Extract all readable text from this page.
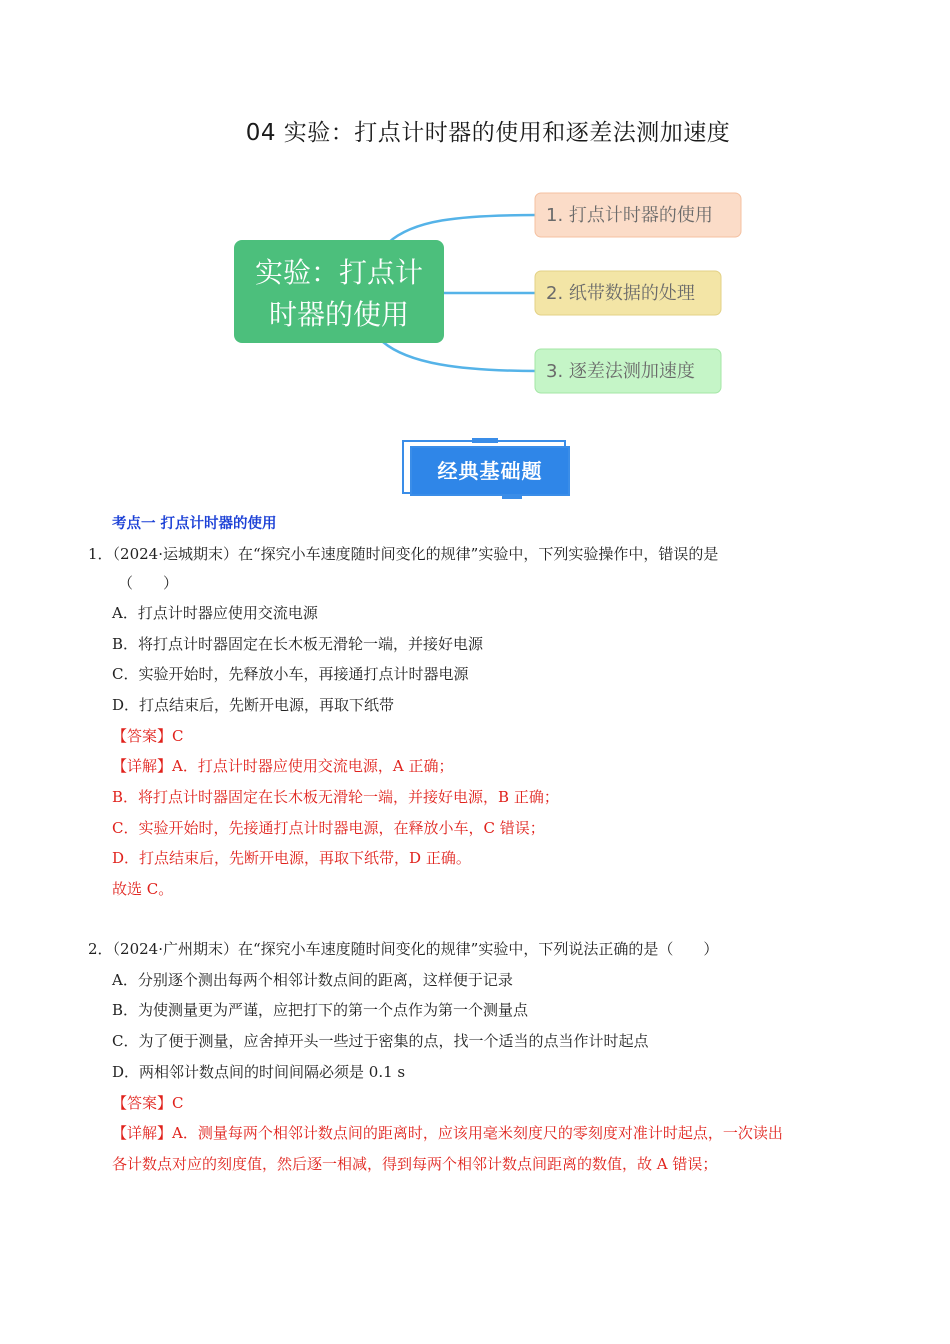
04 实验：打点计时器的使用和逐差法测加速度
实验：打点计
时器的使用
1. 打点计时器的使用
2. 纸带数据的处理
3. 逐差法测加速度
经典基础题
考点一 打点计时器的使用
1．（2024·运城期末）在“探究小车速度随时间变化的规律”实验中，下列实验操作中，错误的是
（　　）
A．打点计时器应使用交流电源
B．将打点计时器固定在长木板无滑轮一端，并接好电源
C．实验开始时，先释放小车，再接通打点计时器电源
D．打点结束后，先断开电源，再取下纸带
【答案】C
【详解】A．打点计时器应使用交流电源，A 正确；
B．将打点计时器固定在长木板无滑轮一端，并接好电源，B 正确；
C．实验开始时，先接通打点计时器电源，在释放小车，C 错误；
D．打点结束后，先断开电源，再取下纸带，D 正确。
故选 C。
2．（2024·广州期末）在“探究小车速度随时间变化的规律”实验中，下列说法正确的是（　　）
A．分别逐个测出每两个相邻计数点间的距离，这样便于记录
B．为使测量更为严谨，应把打下的第一个点作为第一个测量点
C．为了便于测量，应舍掉开头一些过于密集的点，找一个适当的点当作计时起点
D．两相邻计数点间的时间间隔必须是 0.1 s
【答案】C
【详解】A．测量每两个相邻计数点间的距离时，应该用毫米刻度尺的零刻度对准计时起点，一次读出
各计数点对应的刻度值，然后逐一相减，得到每两个相邻计数点间距离的数值，故 A 错误；
